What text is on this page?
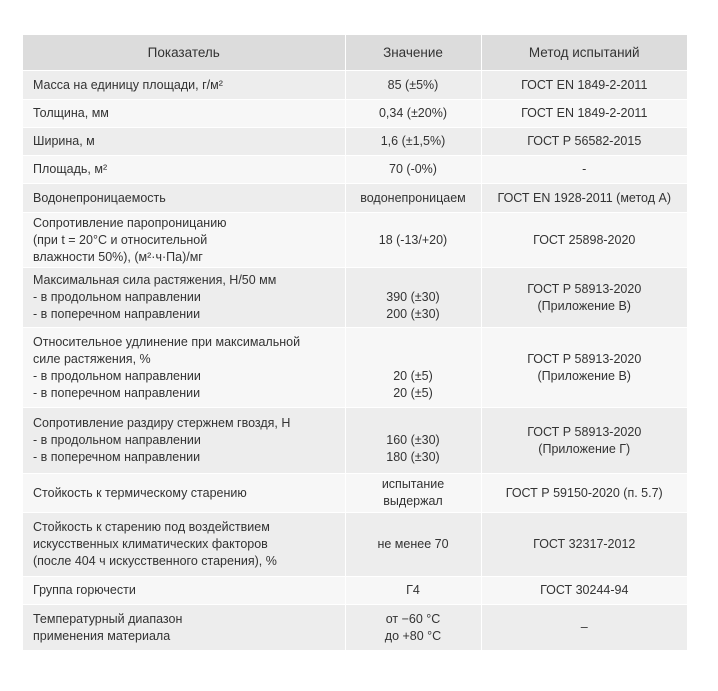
Показатель	Значение	Метод испытаний

Масса на единицу площади, г/м²	85 (±5%)	ГОСТ EN 1849-2-2011

Толщина, мм	0,34 (±20%)	ГОСТ EN 1849-2-2011

Ширина, м	1,6 (±1,5%)	ГОСТ Р 56582-2015

Площадь, м²	70 (-0%)	-

Водонепроницаемость	водонепроницаем	ГОСТ EN 1928-2011 (метод А)

Сопротивление паропроницанию
(при t = 20°С и относительной
влажности 50%), (м²·ч·Па)/мг	18 (-13/+20)	ГОСТ 25898-2020

Максимальная сила растяжения, Н/50 мм
- в продольном направлении
- в поперечном направлении	390 (±30)
200 (±30)	ГОСТ Р 58913-2020
(Приложение В)

Относительное удлинение при максимальной
силе растяжения, %
- в продольном направлении
- в поперечном направлении	20 (±5)
20 (±5)	ГОСТ Р 58913-2020
(Приложение В)

Сопротивление раздиру стержнем гвоздя, Н
- в продольном направлении
- в поперечном направлении	160 (±30)
180 (±30)	ГОСТ Р 58913-2020
(Приложение Г)

Стойкость к термическому старению	испытание
выдержал	ГОСТ Р 59150-2020 (п. 5.7)

Стойкость к старению под воздействием
искусственных климатических факторов
(после 404 ч искусственного старения), %	не менее 70	ГОСТ 32317-2012

Группа горючести	Г4	ГОСТ 30244-94

Температурный диапазон
применения материала	от −60 °С
до +80 °С	–
